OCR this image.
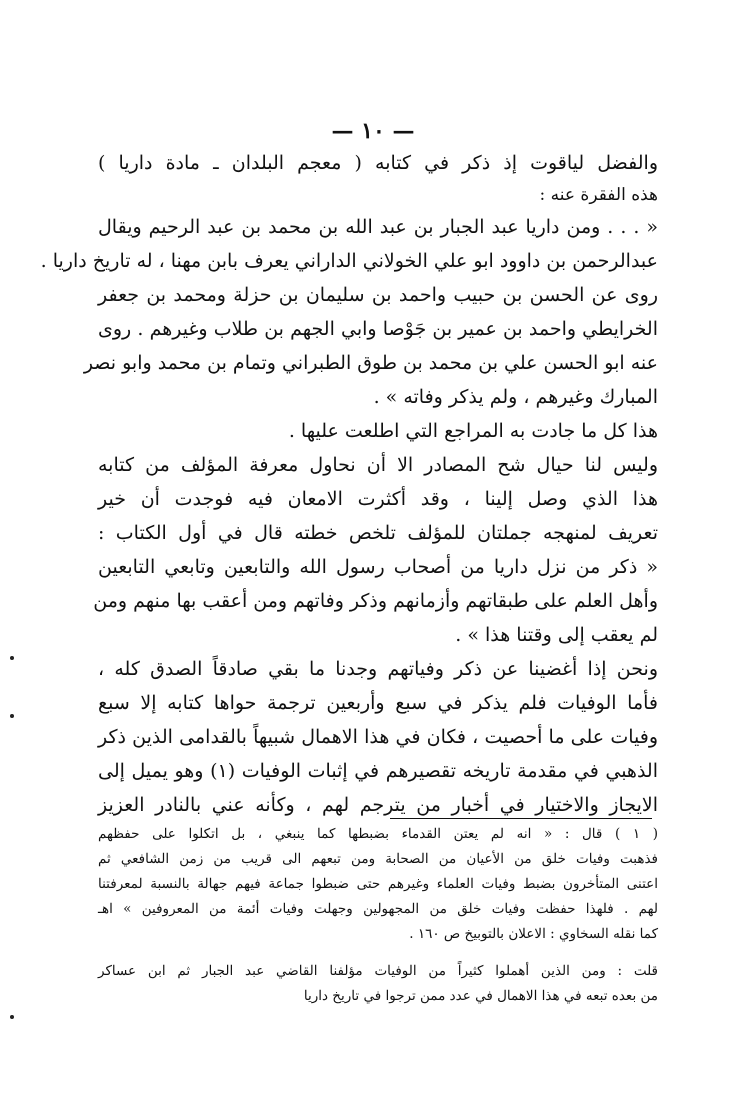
— ١٠ —
والفضل لياقوت إذ ذكر في كتابه ( معجم البلدان ـ مادة داريا )
هذه الفقرة عنه :
« . . . ومن داريا عبد الجبار بن عبد الله بن محمد بن عبد الرحيم ويقال
عبدالرحمن بن داوود ابو علي الخولاني الداراني يعرف بابن مهنا ، له تاريخ داريا .
روى عن الحسن بن حبيب واحمد بن سليمان بن حزلة ومحمد بن جعفر
الخرايطي واحمد بن عمير بن جَوْصا وابي الجهم بن طلاب وغيرهم . روى
عنه ابو الحسن علي بن محمد بن طوق الطبراني وتمام بن محمد وابو نصر
المبارك وغيرهم ، ولم يذكر وفاته » .
هذا كل ما جادت به المراجع التي اطلعت عليها .
وليس لنا حيال شح المصادر الا أن نحاول معرفة المؤلف من كتابه
هذا الذي وصل إلينا ، وقد أكثرت الامعان فيه فوجدت أن خير
تعريف لمنهجه جملتان للمؤلف تلخص خطته قال في أول الكتاب :
« ذكر من نزل داريا من أصحاب رسول الله والتابعين وتابعي التابعين
وأهل العلم على طبقاتهم وأزمانهم وذكر وفاتهم ومن أعقب بها منهم ومن
لم يعقب إلى وقتنا هذا » .
ونحن إذا أغضينا عن ذكر وفياتهم وجدنا ما بقي صادقاً الصدق كله ،
فأما الوفيات فلم يذكر في سبع وأربعين ترجمة حواها كتابه إلا سبع
وفيات على ما أحصيت ، فكان في هذا الاهمال شبيهاً بالقدامى الذين ذكر
الذهبي في مقدمة تاريخه تقصيرهم في إثبات الوفيات (١) وهو يميل إلى
الايجاز والاختيار في أخبار من يترجم لهم ، وكأنه عني بالنادر العزيز
( ١ ) قال : « انه لم يعتن القدماء بضبطها كما ينبغي ، بل اتكلوا على حفظهم
فذهبت وفيات خلق من الأعيان من الصحابة ومن تبعهم الى قريب من زمن الشافعي ثم
اعتنى المتأخرون بضبط وفيات العلماء وغيرهم حتى ضبطوا جماعة فيهم جهالة بالنسبة لمعرفتنا
لهم . فلهذا حفظت وفيات خلق من المجهولين وجهلت وفيات أئمة من المعروفين » اهـ
كما نقله السخاوي : الاعلان بالتوبيخ ص ١٦٠ .
قلت : ومن الذين أهملوا كثيراً من الوفيات مؤلفنا القاضي عبد الجبار ثم ابن عساكر
من بعده تبعه في هذا الاهمال في عدد ممن ترجوا في تاريخ داريا
